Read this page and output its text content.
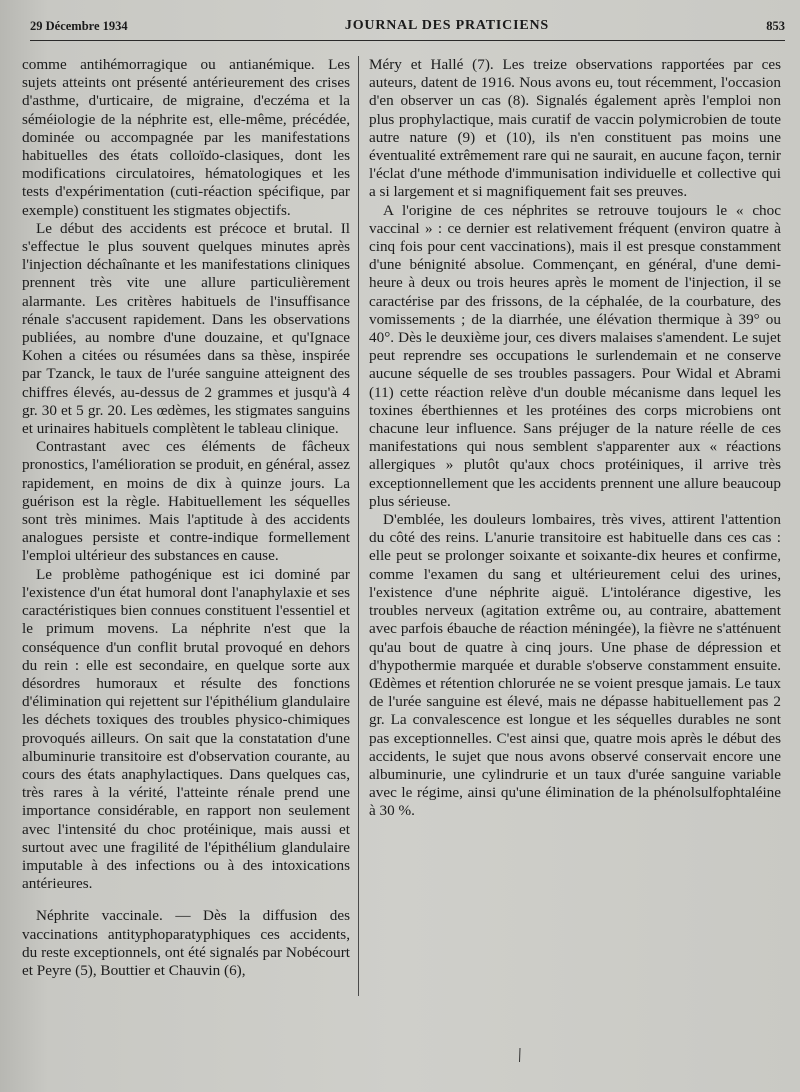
29 Décembre 1934	JOURNAL DES PRATICIENS	853

comme antihémorragique ou antianémique. Les sujets atteints ont présenté antérieurement des crises d'asthme, d'urticaire, de migraine, d'eczéma et la séméiologie de la néphrite est, elle-même, précédée, dominée ou accompagnée par les manifestations habituelles des états colloïdo-clasiques, dont les modifications circulatoires, hématologiques et les tests d'expérimentation (cuti-réaction spécifique, par exemple) constituent les stigmates objectifs.

Le début des accidents est précoce et brutal. Il s'effectue le plus souvent quelques minutes après l'injection déchaînante et les manifestations cliniques prennent très vite une allure particulièrement alarmante. Les critères habituels de l'insuffisance rénale s'accusent rapidement. Dans les observations publiées, au nombre d'une douzaine, et qu'Ignace Kohen a citées ou résumées dans sa thèse, inspirée par Tzanck, le taux de l'urée sanguine atteignent des chiffres élevés, au-dessus de 2 grammes et jusqu'à 4 gr. 30 et 5 gr. 20. Les œdèmes, les stigmates sanguins et urinaires habituels complètent le tableau clinique.

Contrastant avec ces éléments de fâcheux pronostics, l'amélioration se produit, en général, assez rapidement, en moins de dix à quinze jours. La guérison est la règle. Habituellement les séquelles sont très minimes. Mais l'aptitude à des accidents analogues persiste et contre-indique formellement l'emploi ultérieur des substances en cause.

Le problème pathogénique est ici dominé par l'existence d'un état humoral dont l'anaphylaxie et ses caractéristiques bien connues constituent l'essentiel et le primum movens. La néphrite n'est que la conséquence d'un conflit brutal provoqué en dehors du rein : elle est secondaire, en quelque sorte aux désordres humoraux et résulte des fonctions d'élimination qui rejettent sur l'épithélium glandulaire les déchets toxiques des troubles physico-chimiques provoqués ailleurs. On sait que la constatation d'une albuminurie transitoire est d'observation courante, au cours des états anaphylactiques. Dans quelques cas, très rares à la vérité, l'atteinte rénale prend une importance considérable, en rapport non seulement avec l'intensité du choc protéinique, mais aussi et surtout avec une fragilité de l'épithélium glandulaire imputable à des infections ou à des intoxications antérieures.

Néphrite vaccinale. — Dès la diffusion des vaccinations antityphoparatyphiques ces accidents, du reste exceptionnels, ont été signalés par Nobécourt et Peyre (5), Bouttier et Chauvin (6),

Méry et Hallé (7). Les treize observations rapportées par ces auteurs, datent de 1916. Nous avons eu, tout récemment, l'occasion d'en observer un cas (8). Signalés également après l'emploi non plus prophylactique, mais curatif de vaccin polymicrobien de toute autre nature (9) et (10), ils n'en constituent pas moins une éventualité extrêmement rare qui ne saurait, en aucune façon, ternir l'éclat d'une méthode d'immunisation individuelle et collective qui a si largement et si magnifiquement fait ses preuves.

A l'origine de ces néphrites se retrouve toujours le « choc vaccinal » : ce dernier est relativement fréquent (environ quatre à cinq fois pour cent vaccinations), mais il est presque constamment d'une bénignité absolue. Commençant, en général, d'une demi-heure à deux ou trois heures après le moment de l'injection, il se caractérise par des frissons, de la céphalée, de la courbature, des vomissements ; de la diarrhée, une élévation thermique à 39° ou 40°. Dès le deuxième jour, ces divers malaises s'amendent. Le sujet peut reprendre ses occupations le surlendemain et ne conserve aucune séquelle de ses troubles passagers. Pour Widal et Abrami (11) cette réaction relève d'un double mécanisme dans lequel les toxines éberthiennes et les protéines des corps microbiens ont chacune leur influence. Sans préjuger de la nature réelle de ces manifestations qui nous semblent s'apparenter aux « réactions allergiques » plutôt qu'aux chocs protéiniques, il arrive très exceptionnellement que les accidents prennent une allure beaucoup plus sérieuse.

D'emblée, les douleurs lombaires, très vives, attirent l'attention du côté des reins. L'anurie transitoire est habituelle dans ces cas : elle peut se prolonger soixante et soixante-dix heures et confirme, comme l'examen du sang et ultérieurement celui des urines, l'existence d'une néphrite aiguë. L'intolérance digestive, les troubles nerveux (agitation extrême ou, au contraire, abattement avec parfois ébauche de réaction méningée), la fièvre ne s'atténuent qu'au bout de quatre à cinq jours. Une phase de dépression et d'hypothermie marquée et durable s'observe constamment ensuite. Œdèmes et rétention chlorurée ne se voient presque jamais. Le taux de l'urée sanguine est élevé, mais ne dépasse habituellement pas 2 gr. La convalescence est longue et les séquelles durables ne sont pas exceptionnelles. C'est ainsi que, quatre mois après le début des accidents, le sujet que nous avons observé conservait encore une albuminurie, une cylindrurie et un taux d'urée sanguine variable avec le régime, ainsi qu'une élimination de la phénolsulfophtaléine à 30 %.
